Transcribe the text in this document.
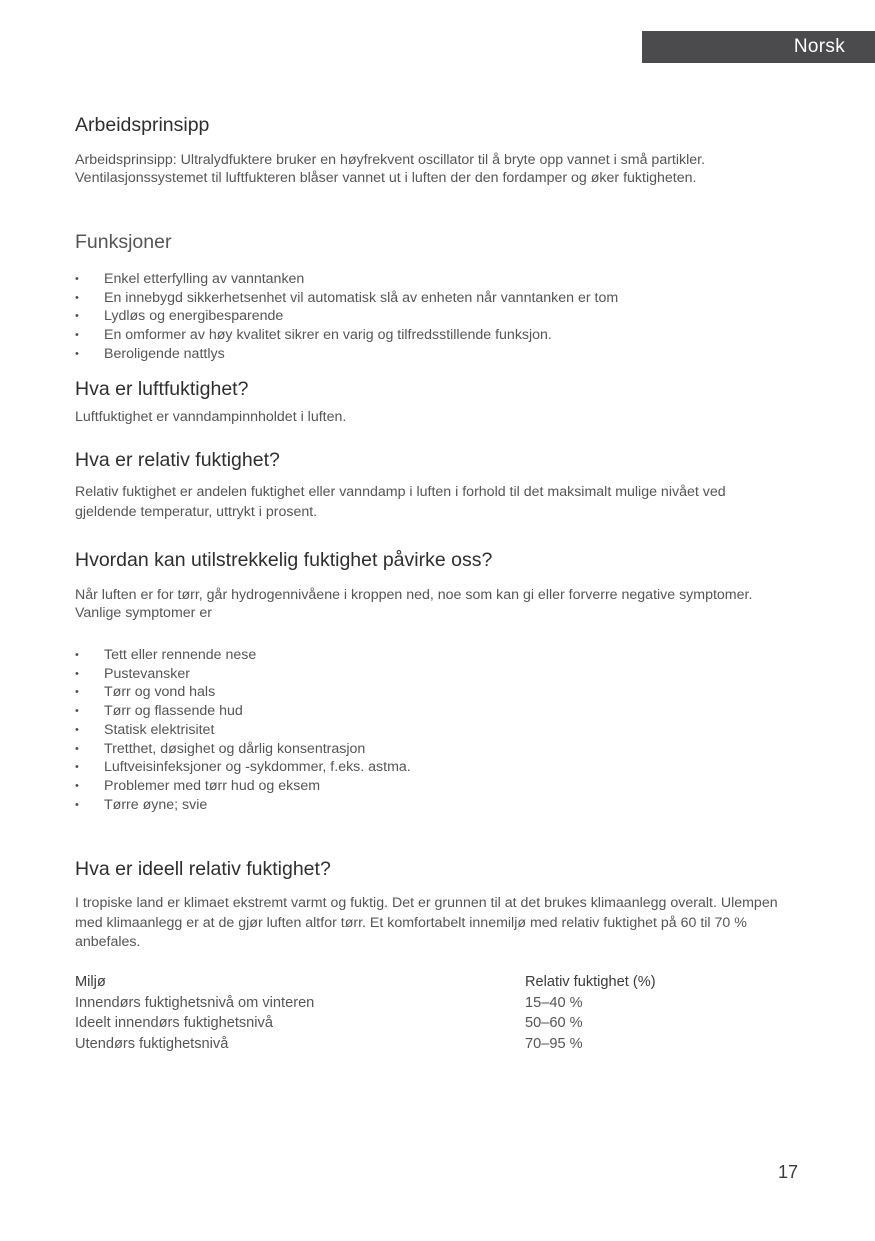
Norsk
Arbeidsprinsipp

Arbeidsprinsipp: Ultralydfuktere bruker en høyfrekvent oscillator til å bryte opp vannet i små partikler. Ventilasjonssystemet til luftfukteren blåser vannet ut i luften der den fordamper og øker fuktigheten.

Funksjoner
• Enkel etterfylling av vanntanken
• En innebygd sikkerhetsenhet vil automatisk slå av enheten når vanntanken er tom
• Lydløs og energibesparende
• En omformer av høy kvalitet sikrer en varig og tilfredsstillende funksjon.
• Beroligende nattlys
Hva er luftfuktighet?

Luftfuktighet er vanndampinnholdet i luften.

Hva er relativ fuktighet?

Relativ fuktighet er andelen fuktighet eller vanndamp i luften i forhold til det maksimalt mulige nivået ved gjeldende temperatur, uttrykt i prosent.

Hvordan kan utilstrekkelig fuktighet påvirke oss?

Når luften er for tørr, går hydrogennivåene i kroppen ned, noe som kan gi eller forverre negative symptomer. Vanlige symptomer er

• Tett eller rennende nese
• Pustevansker
• Tørr og vond hals
• Tørr og flassende hud
• Statisk elektrisitet
• Tretthet, døsighet og dårlig konsentrasjon
• Luftveisinfeksjoner og -sykdommer, f.eks. astma.
• Problemer med tørr hud og eksem
• Tørre øyne; svie
Hva er ideell relativ fuktighet?

I tropiske land er klimaet ekstremt varmt og fuktig. Det er grunnen til at det brukes klimaanlegg overalt. Ulempen med klimaanlegg er at de gjør luften altfor tørr. Et komfortabelt innemiljø med relativ fuktighet på 60 til 70 % anbefales.

Miljø
Innendørs fuktighetsnivå om vinteren
Ideelt innendørs fuktighetsnivå
Utendørs fuktighetsnivå
Relativ fuktighet (%)
15–40 %
50–60 %
70–95 %
17
